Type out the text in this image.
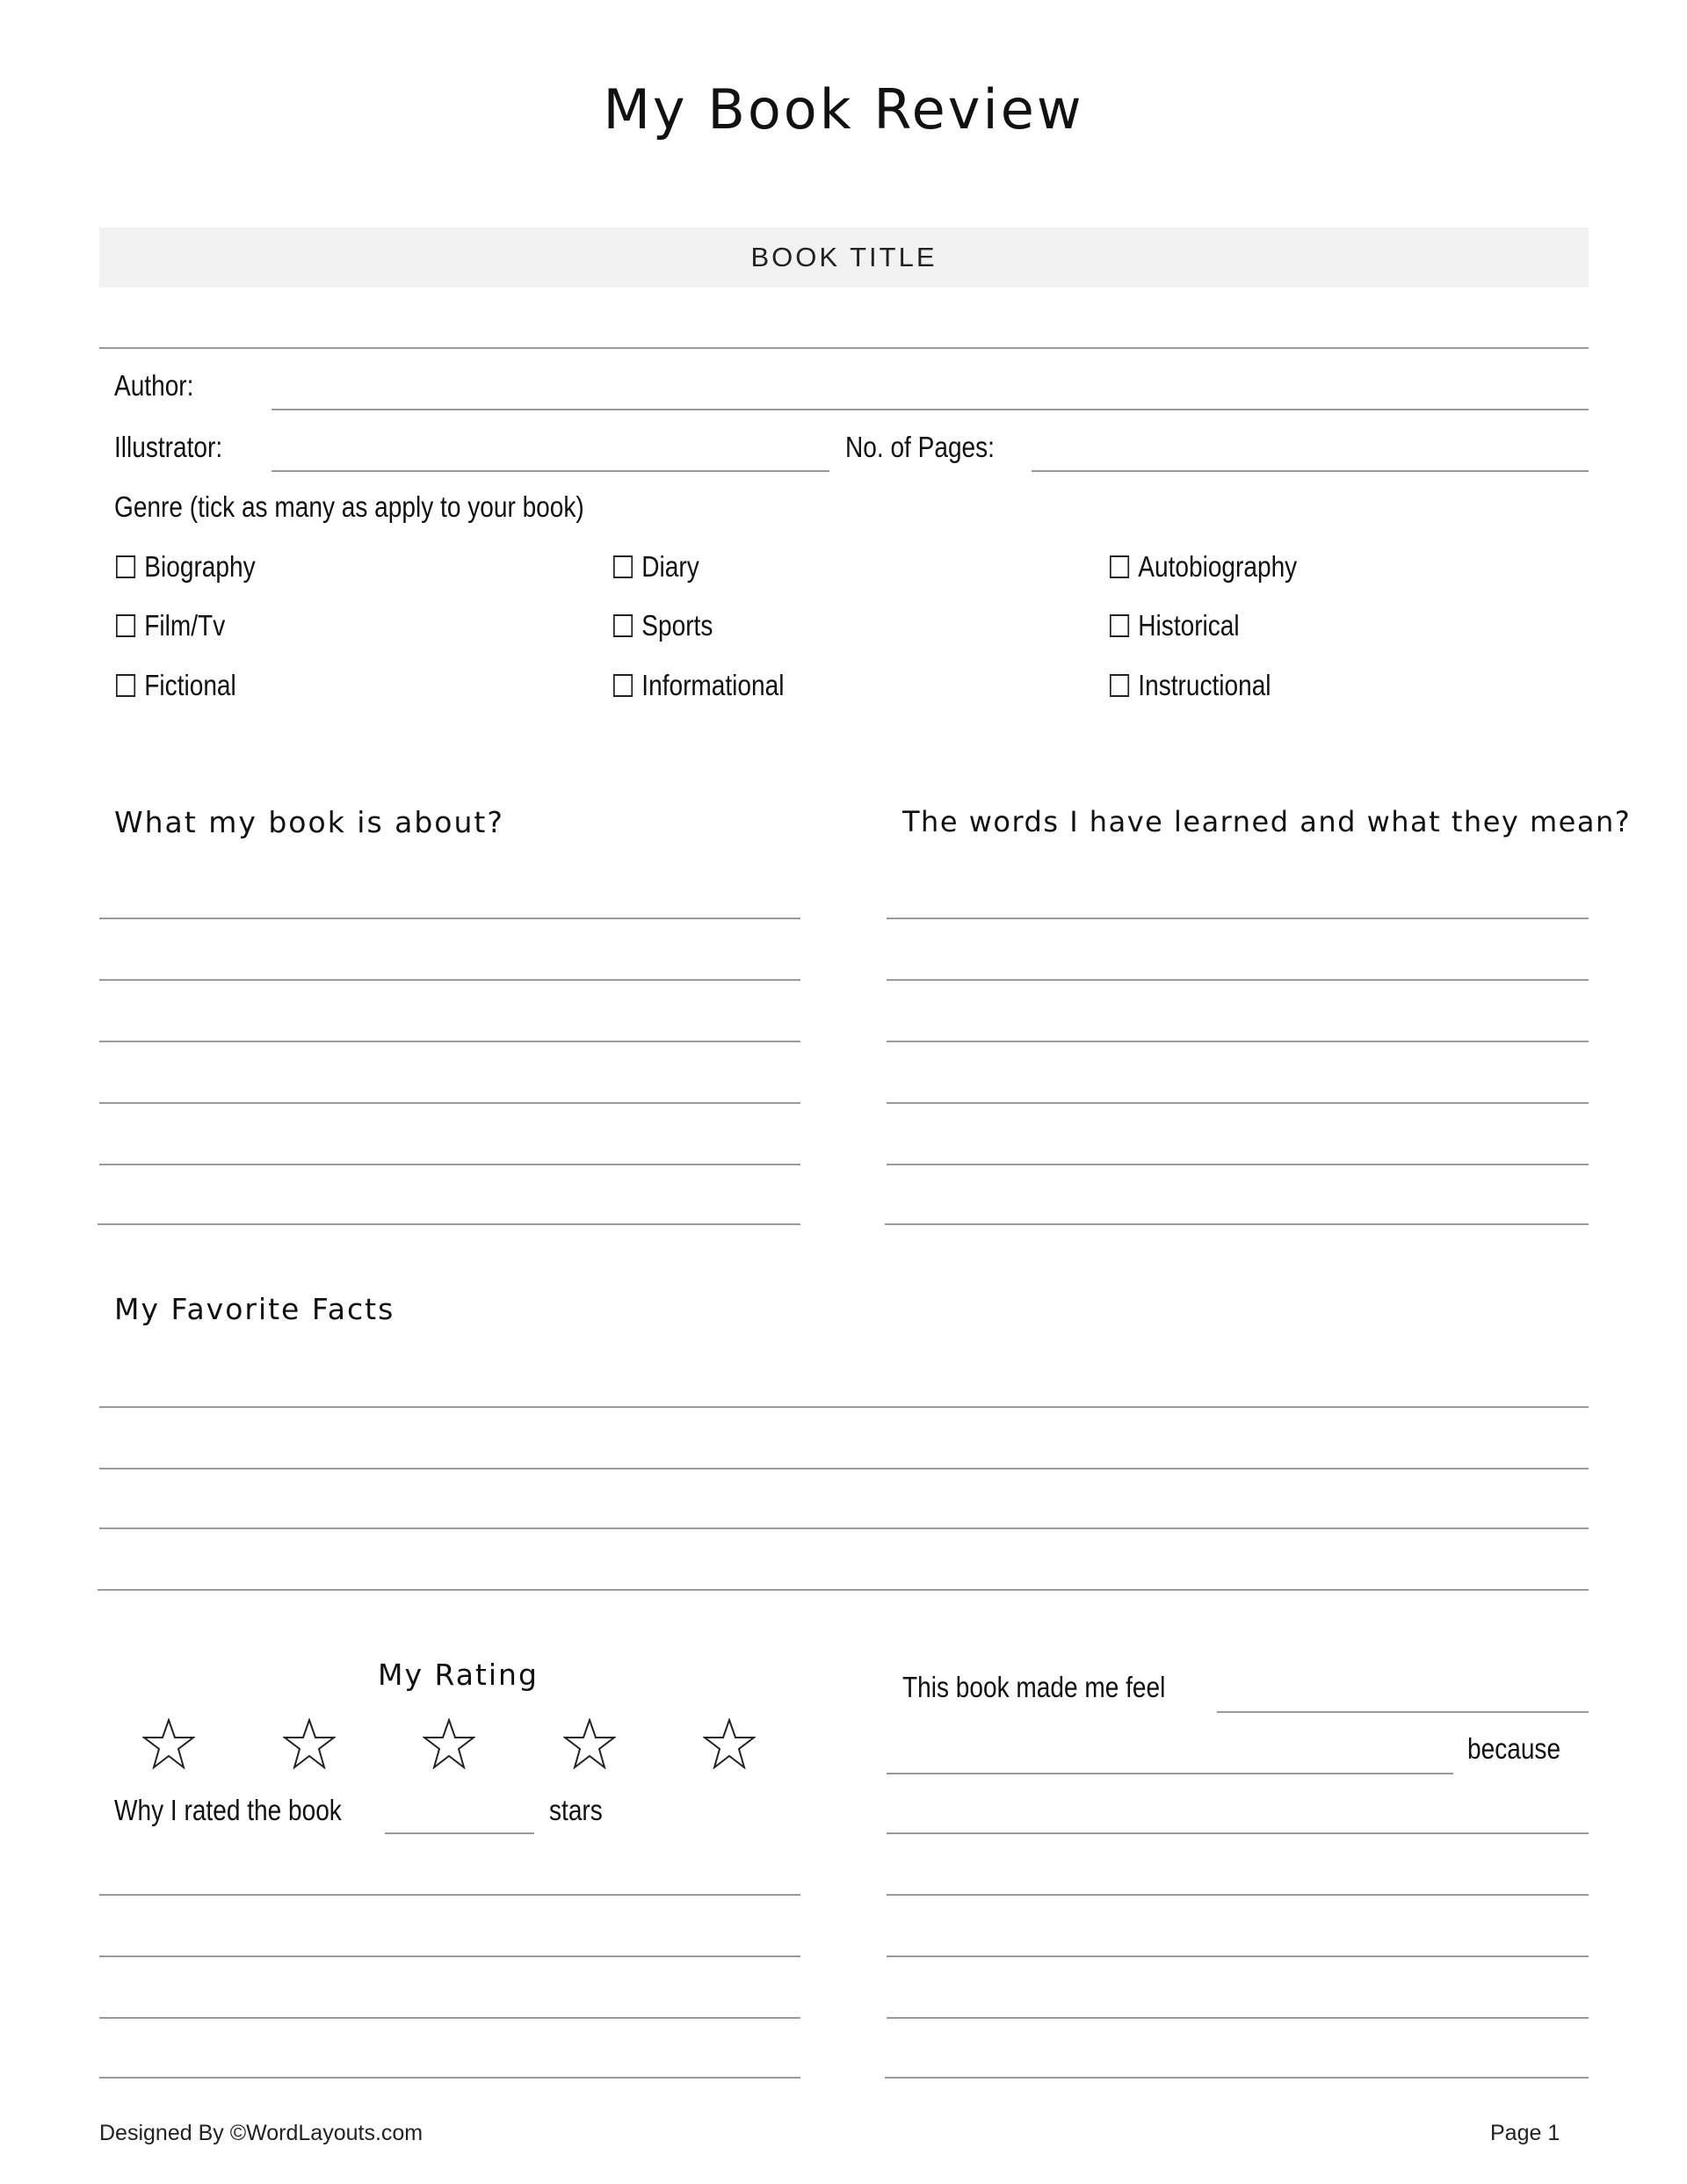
My Book Review
BOOK TITLE
Author:
Illustrator:	No. of Pages:
Genre (tick as many as apply to your book)
Biography	Diary	Autobiography
Film/Tv	Sports	Historical
Fictional	Informational	Instructional
What my book is about?	The words I have learned and what they mean?
My Favorite Facts
My Rating
Why I rated the book	stars
This book made me feel
because
Designed By ©WordLayouts.com	Page 1
